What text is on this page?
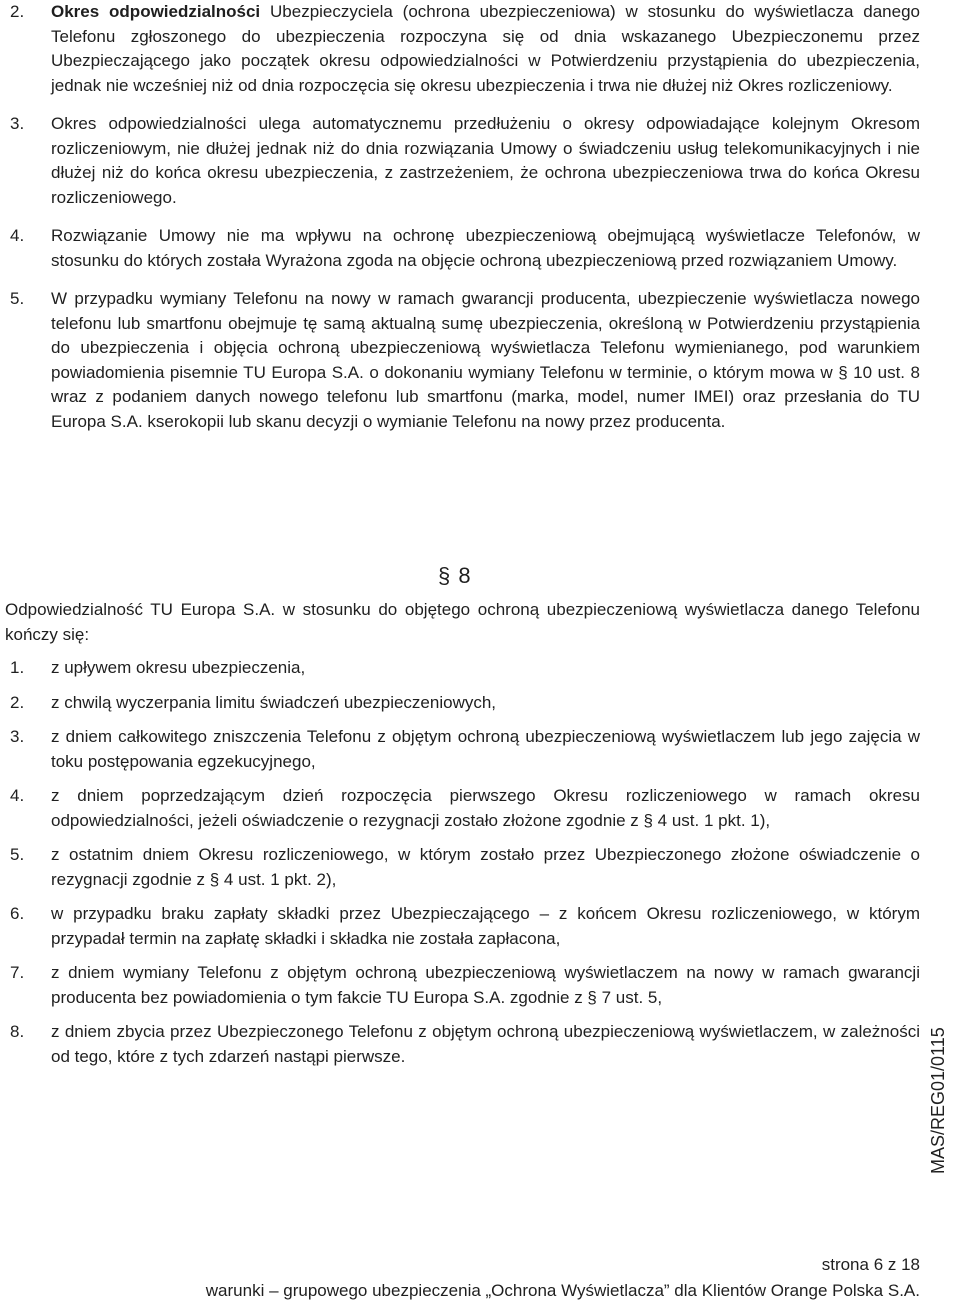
2. Okres odpowiedzialności Ubezpieczyciela (ochrona ubezpieczeniowa) w stosunku do wyświetlacza danego Telefonu zgłoszonego do ubezpieczenia rozpoczyna się od dnia wskazanego Ubezpieczonemu przez Ubezpieczającego jako początek okresu odpowiedzialności w Potwierdzeniu przystąpienia do ubezpieczenia, jednak nie wcześniej niż od dnia rozpoczęcia się okresu ubezpieczenia i trwa nie dłużej niż Okres rozliczeniowy.
3. Okres odpowiedzialności ulega automatycznemu przedłużeniu o okresy odpowiadające kolejnym Okresom rozliczeniowym, nie dłużej jednak niż do dnia rozwiązania Umowy o świadczeniu usług telekomunikacyjnych i nie dłużej niż do końca okresu ubezpieczenia, z zastrzeżeniem, że ochrona ubezpieczeniowa trwa do końca Okresu rozliczeniowego.
4. Rozwiązanie Umowy nie ma wpływu na ochronę ubezpieczeniową obejmującą wyświetlacze Telefonów, w stosunku do których została Wyrażona zgoda na objęcie ochroną ubezpieczeniową przed rozwiązaniem Umowy.
5. W przypadku wymiany Telefonu na nowy w ramach gwarancji producenta, ubezpieczenie wyświetlacza nowego telefonu lub smartfonu obejmuje tę samą aktualną sumę ubezpieczenia, określoną w Potwierdzeniu przystąpienia do ubezpieczenia i objęcia ochroną ubezpieczeniową wyświetlacza Telefonu wymienianego, pod warunkiem powiadomienia pisemnie TU Europa S.A. o dokonaniu wymiany Telefonu w terminie, o którym mowa w § 10 ust. 8 wraz z podaniem danych nowego telefonu lub smartfonu (marka, model, numer IMEI) oraz przesłania do TU Europa S.A. kserokopii lub skanu decyzji o wymianie Telefonu na nowy przez producenta.
§ 8
Odpowiedzialność TU Europa S.A. w stosunku do objętego ochroną ubezpieczeniową wyświetlacza danego Telefonu kończy się:
1. z upływem okresu ubezpieczenia,
2. z chwilą wyczerpania limitu świadczeń ubezpieczeniowych,
3. z dniem całkowitego zniszczenia Telefonu z objętym ochroną ubezpieczeniową wyświetlaczem lub jego zajęcia w toku postępowania egzekucyjnego,
4. z dniem poprzedzającym dzień rozpoczęcia pierwszego Okresu rozliczeniowego w ramach okresu odpowiedzialności, jeżeli oświadczenie o rezygnacji zostało złożone zgodnie z § 4 ust. 1 pkt. 1),
5. z ostatnim dniem Okresu rozliczeniowego, w którym zostało przez Ubezpieczonego złożone oświadczenie o rezygnacji zgodnie z § 4 ust. 1 pkt. 2),
6. w przypadku braku zapłaty składki przez Ubezpieczającego – z końcem Okresu rozliczeniowego, w którym przypadał termin na zapłatę składki i składka nie została zapłacona,
7. z dniem wymiany Telefonu z objętym ochroną ubezpieczeniową wyświetlaczem na nowy w ramach gwarancji producenta bez powiadomienia o tym fakcie TU Europa S.A. zgodnie z § 7 ust. 5,
8. z dniem zbycia przez Ubezpieczonego Telefonu z objętym ochroną ubezpieczeniową wyświetlaczem, w zależności od tego, które z tych zdarzeń nastąpi pierwsze.	MAS/REG01/0115
strona 6 z 18
warunki – grupowego ubezpieczenia „Ochrona Wyświetlacza” dla Klientów Orange Polska S.A.
